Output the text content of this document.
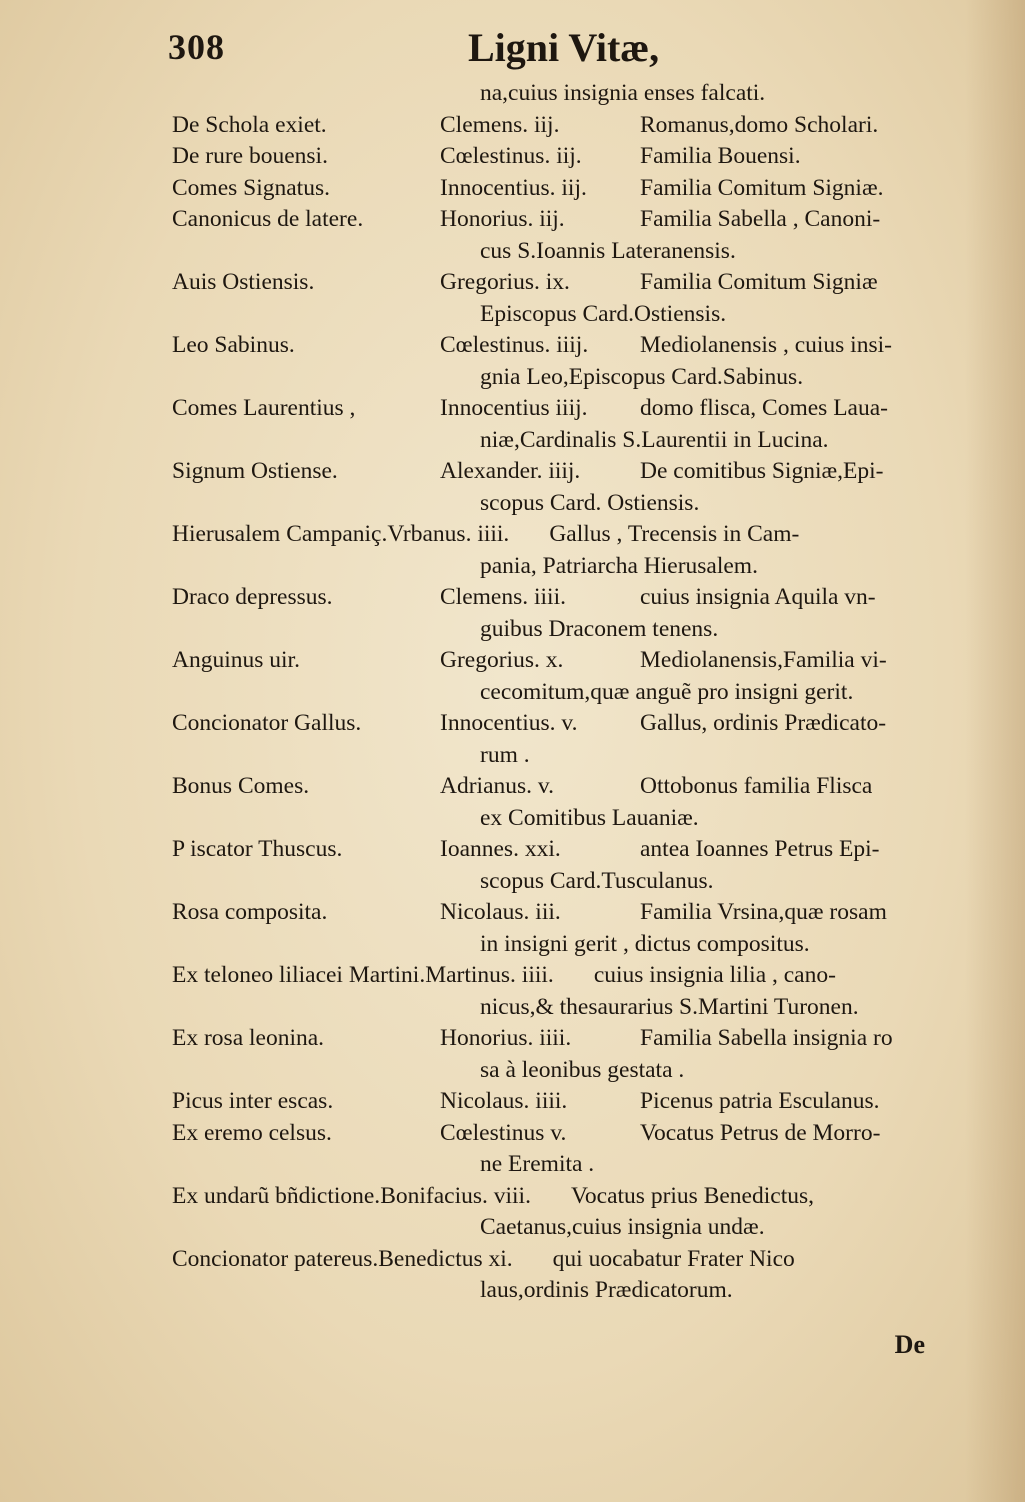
308	Ligni Vitæ,
na,cuius insignia enses falcati.
De Schola exiet.	Clemens. iij.	Romanus,domo Scholari.
De rure bouensi.	Cœlestinus. iij.	Familia Bouensi.
Comes Signatus.	Innocentius. iij.	Familia Comitum Signiæ.
Canonicus de latere.	Honorius. iij.	Familia Sabella , Canoni-
cus S.Ioannis Lateranensis.
Auis Ostiensis.	Gregorius. ix.	Familia Comitum Signiæ
Episcopus Card.Ostiensis.
Leo Sabinus.	Cœlestinus. iiij.	Mediolanensis , cuius insi-
gnia Leo,Episcopus Card.Sabinus.
Comes Laurentius ,	Innocentius iiij.	domo flisca, Comes Laua-
niæ,Cardinalis S.Laurentii in Lucina.
Signum Ostiense.	Alexander. iiij.	De comitibus Signiæ,Epi-
scopus Card. Ostiensis.
Hierusalem Campaniç. Vrbanus. iiii.	Gallus , Trecensis in Cam-
pania, Patriarcha Hierusalem.
Draco depressus.	Clemens. iiii.	cuius insignia Aquila vn-
guibus Draconem tenens.
Anguinus uir.	Gregorius. x.	Mediolanensis,Familia vi-
cecomitum,quæ anguẽ pro insigni gerit.
Concionator Gallus.	Innocentius. v.	Gallus, ordinis Prædicato-
rum .
Bonus Comes.	Adrianus. v.	Ottobonus familia Flisca
ex Comitibus Lauaniæ.
P iscator Thuscus.	Ioannes. xxi.	antea Ioannes Petrus Epi-
scopus Card.Tusculanus.
Rosa composita.	Nicolaus. iii.	Familia Vrsina,quæ rosam
in insigni gerit , dictus compositus.
Ex teloneo liliacei Martini. Martinus. iiii.	cuius insignia lilia , cano-
nicus,& thesaurarius S.Martini Turonen.
Ex rosa leonina.	Honorius. iiii.	Familia Sabella insignia ro
sa à leonibus gestata .
Picus inter escas.	Nicolaus. iiii.	Picenus patria Esculanus.
Ex eremo celsus.	Cœlestinus v.	Vocatus Petrus de Morro-
ne Eremita .
Ex undarũ bñdictione. Bonifacius. viii.	Vocatus prius Benedictus,
Caetanus,cuius insignia undæ.
Concionator patereus. Benedictus xi.	qui uocabatur Frater Nico
laus,ordinis Prædicatorum.
De
